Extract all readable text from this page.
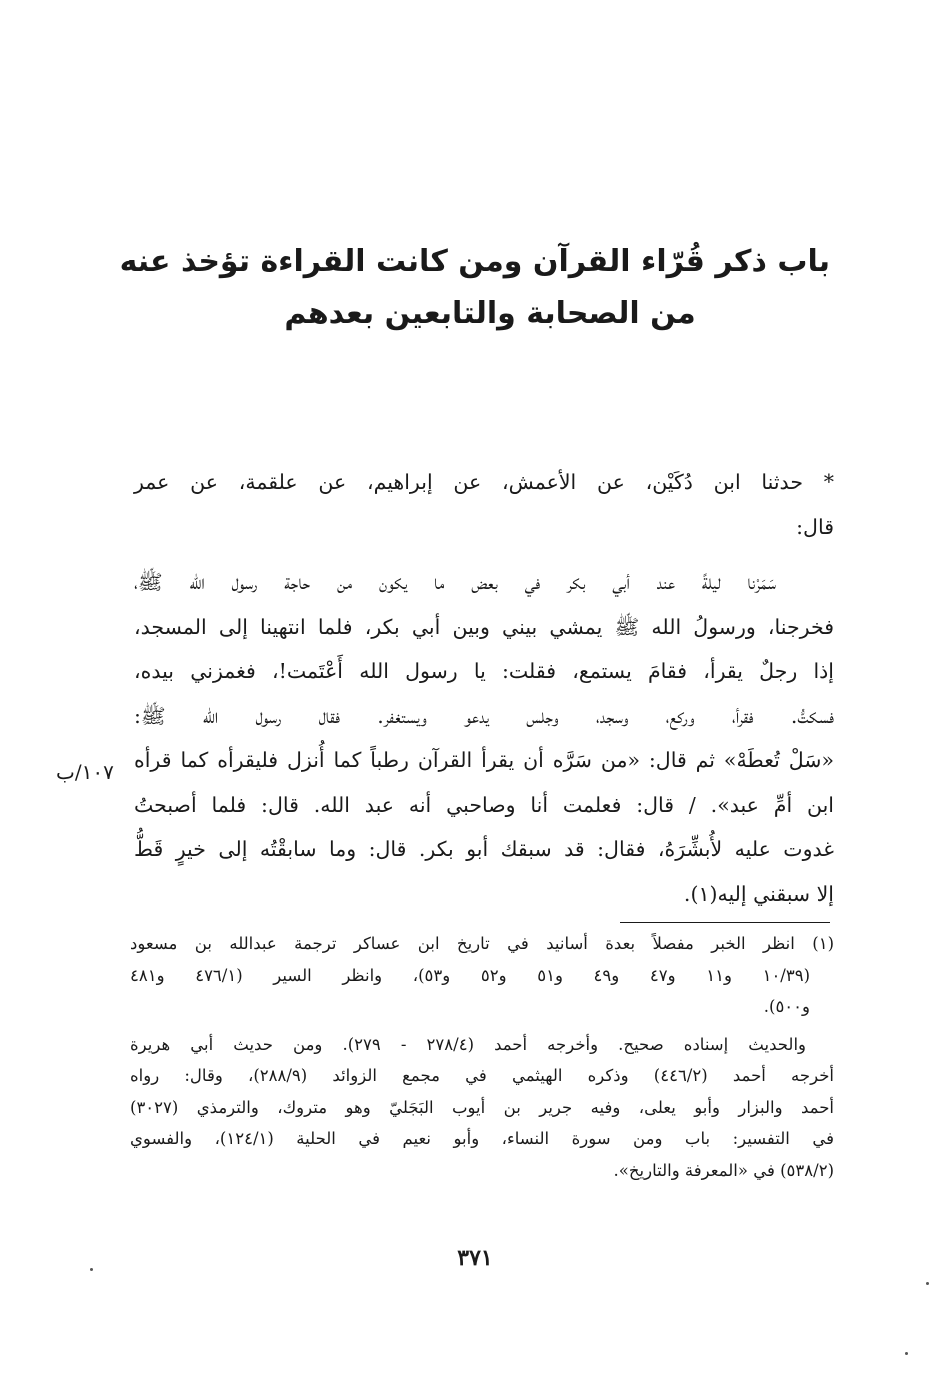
باب ذكر قُرّاء القرآن ومن كانت القراءة تؤخذ عنه
من الصحابة والتابعين بعدهم
* حدثنا ابن دُكَيْن، عن الأعمش، عن إبراهيم، عن علقمة، عن عمر
قال:
سَمَرْنا ليلةً عند أبي بكر في بعض ما يكون من حاجة رسول الله ﷺ،
فخرجنا، ورسولُ الله ﷺ يمشي بيني وبين أبي بكر، فلما انتهينا إلى المسجد،
إذا رجلٌ يقرأ، فقامَ يستمع، فقلت: يا رسول الله أَعْتَمت!، فغمزني بيده،
فسكتُّ. فقرأ، وركع، وسجد، وجلس يدعو ويستغفر. فقال رسول الله ﷺ:
«سَلْ تُعطَهْ» ثم قال: «من سَرَّه أن يقرأ القرآن رطباً كما أُنزل فليقرأه كما قرأه
ابن أمِّ عبد». / قال: فعلمت أنا وصاحبي أنه عبد الله. قال: فلما أصبحتُ
غدوت عليه لأُبشِّرَهُ، فقال: قد سبقك أبو بكر. قال: وما سابقْتُه إلى خيرٍ قَطُّ
إلا سبقني إليه(١).
١٠٧/ب
(١) انظر الخبر مفصلاً بعدة أسانيد في تاريخ ابن عساكر ترجمة عبدالله بن مسعود
(١٠/٣٩ و١١ و٤٧ و٤٩ و٥١ و٥٢ و٥٣)، وانظر السير (٤٧٦/١ و٤٨١
و٥٠٠).
والحديث إسناده صحيح. وأخرجه أحمد (٢٧٨/٤ - ٢٧٩). ومن حديث أبي هريرة
أخرجه أحمد (٤٤٦/٢) وذكره الهيثمي في مجمع الزوائد (٢٨٨/٩)، وقال: رواه
أحمد والبزار وأبو يعلى، وفيه جرير بن أيوب البَجَليّ وهو متروك، والترمذي (٣٠٢٧)
في التفسير: باب ومن سورة النساء، وأبو نعيم في الحلية (١٢٤/١)، والفسوي
(٥٣٨/٢) في «المعرفة والتاريخ».
٣٧١
